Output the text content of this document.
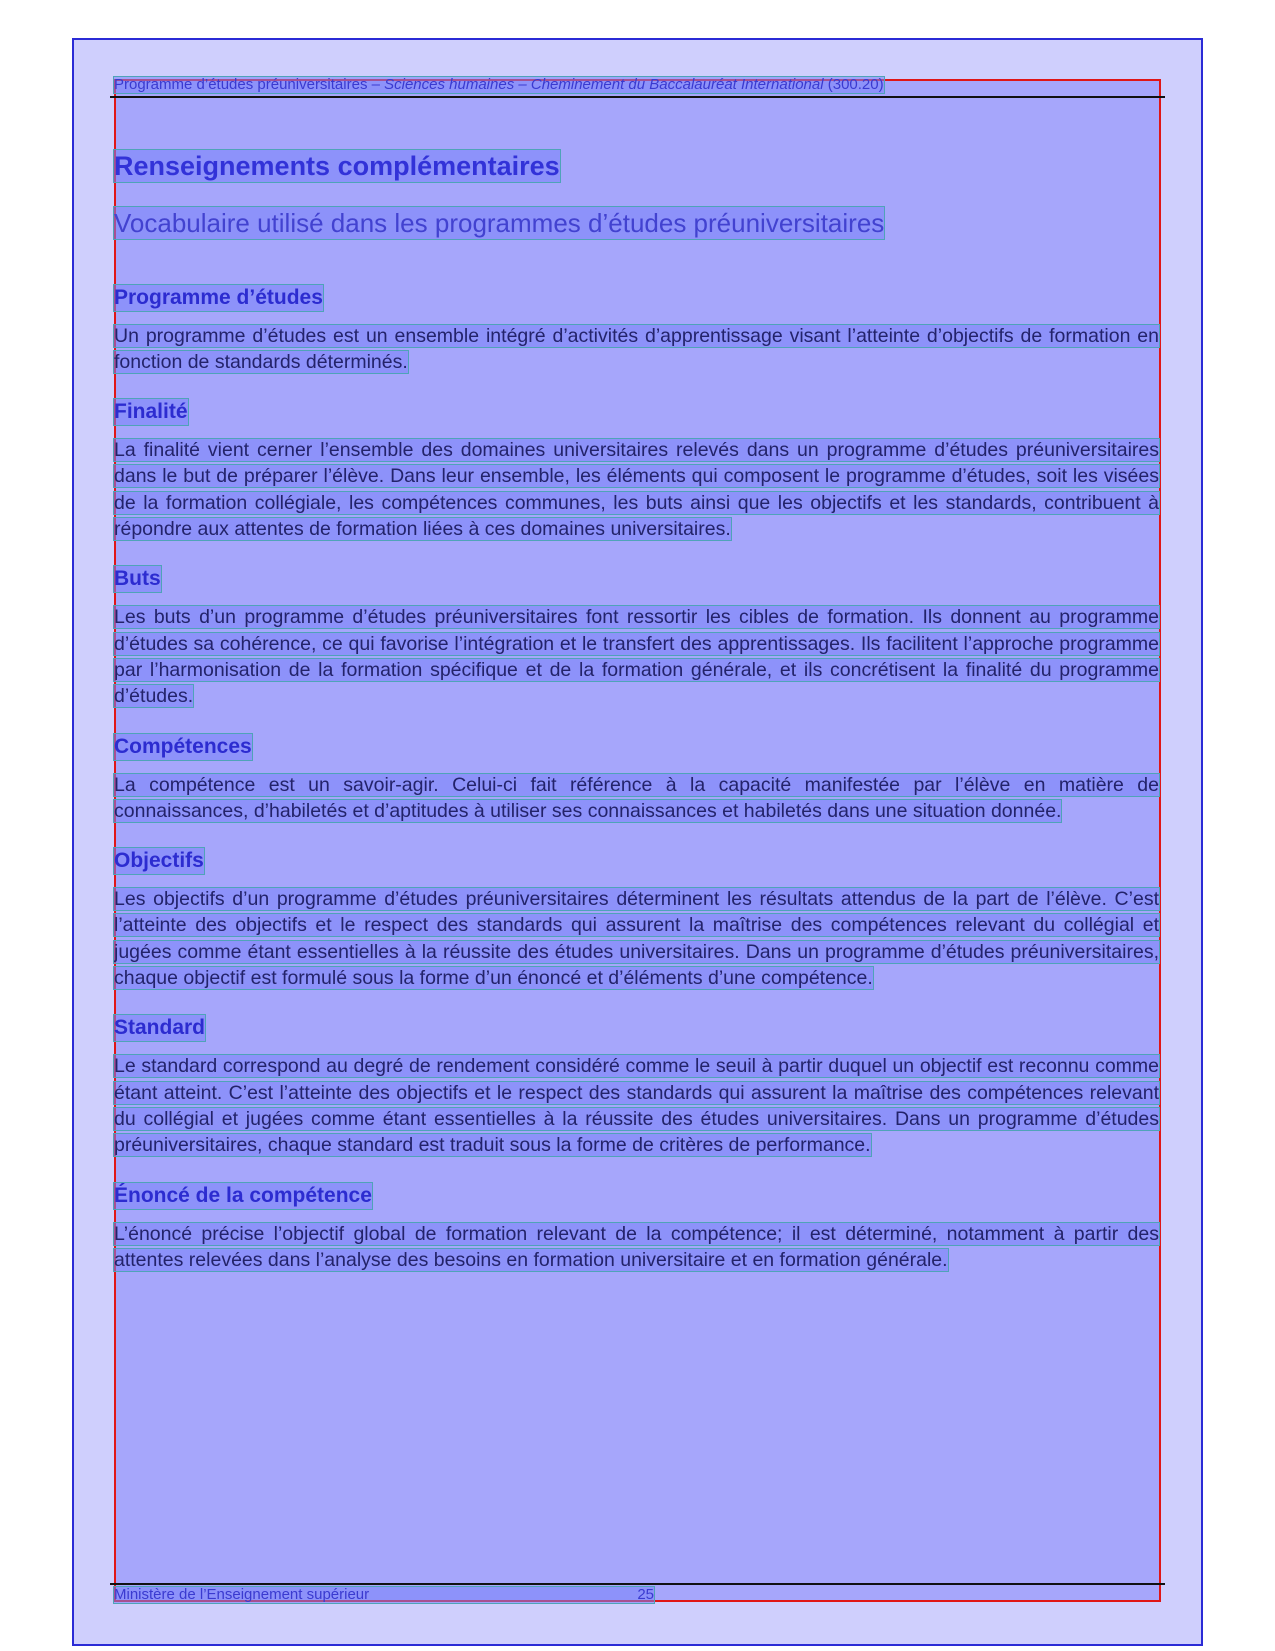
Programme d’études préuniversitaires – Sciences humaines – Cheminement du Baccalauréat International (300.20)
Renseignements complémentaires
Vocabulaire utilisé dans les programmes d’études préuniversitaires
Programme d’études

Un programme d’études est un ensemble intégré d’activités d’apprentissage visant l’atteinte d’objectifs de formation en fonction de standards déterminés.

Finalité

La finalité vient cerner l’ensemble des domaines universitaires relevés dans un programme d’études préuniversitaires dans le but de préparer l’élève. Dans leur ensemble, les éléments qui composent le programme d’études, soit les visées de la formation collégiale, les compétences communes, les buts ainsi que les objectifs et les standards, contribuent à répondre aux attentes de formation liées à ces domaines universitaires.

Buts

Les buts d’un programme d’études préuniversitaires font ressortir les cibles de formation. Ils donnent au programme d’études sa cohérence, ce qui favorise l’intégration et le transfert des apprentissages. Ils facilitent l’approche programme par l’harmonisation de la formation spécifique et de la formation générale, et ils concrétisent la finalité du programme d’études.

Compétences

La compétence est un savoir-agir. Celui-ci fait référence à la capacité manifestée par l’élève en matière de connaissances, d’habiletés et d’aptitudes à utiliser ses connaissances et habiletés dans une situation donnée.

Objectifs

Les objectifs d’un programme d’études préuniversitaires déterminent les résultats attendus de la part de l’élève. C’est l’atteinte des objectifs et le respect des standards qui assurent la maîtrise des compétences relevant du collégial et jugées comme étant essentielles à la réussite des études universitaires. Dans un programme d’études préuniversitaires, chaque objectif est formulé sous la forme d’un énoncé et d’éléments d’une compétence.

Standard

Le standard correspond au degré de rendement considéré comme le seuil à partir duquel un objectif est reconnu comme étant atteint. C’est l’atteinte des objectifs et le respect des standards qui assurent la maîtrise des compétences relevant du collégial et jugées comme étant essentielles à la réussite des études universitaires. Dans un programme d’études préuniversitaires, chaque standard est traduit sous la forme de critères de performance.

Énoncé de la compétence

L’énoncé précise l’objectif global de formation relevant de la compétence; il est déterminé, notamment à partir des attentes relevées dans l’analyse des besoins en formation universitaire et en formation générale.

Ministère de l’Enseignement supérieur	25
